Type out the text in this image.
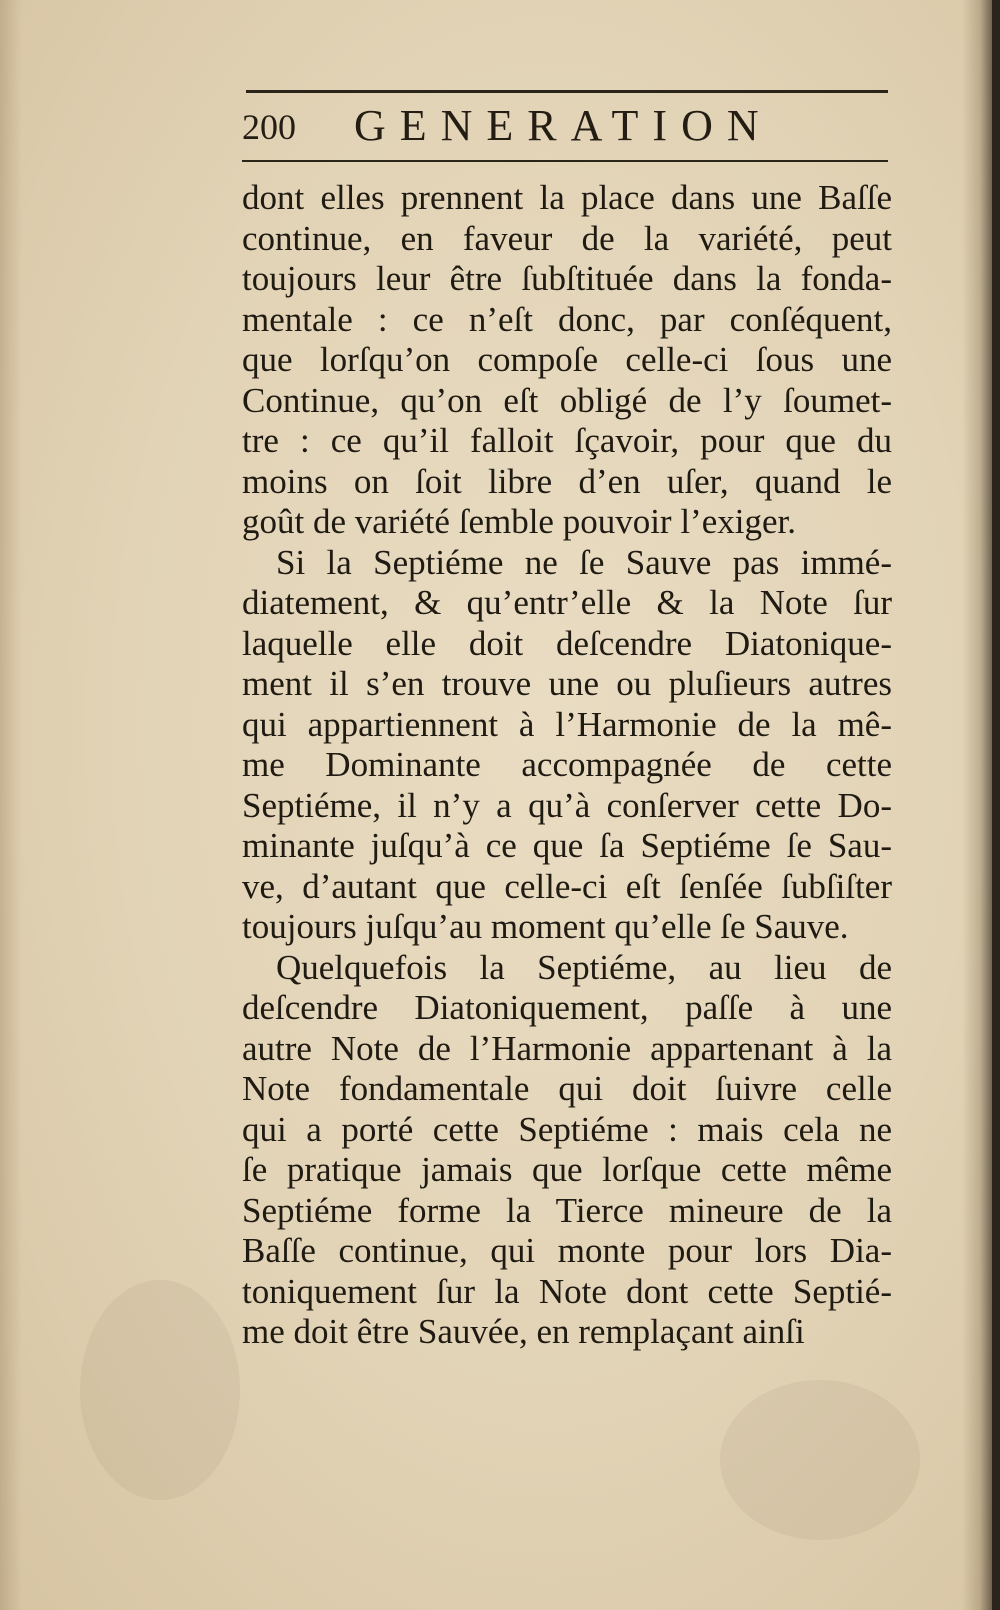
200 GENERATION
dont elles prennent la place dans une Baſſe
continue, en faveur de la variété, peut
toujours leur être ſubſtituée dans la fonda-
mentale : ce n’eſt donc, par conſéquent,
que lorſqu’on compoſe celle-ci ſous une
Continue, qu’on eſt obligé de l’y ſoumet-
tre : ce qu’il falloit ſçavoir, pour que du
moins on ſoit libre d’en uſer, quand le
goût de variété ſemble pouvoir l’exiger.
Si la Septiéme ne ſe Sauve pas immé-
diatement, & qu’entr’elle & la Note ſur
laquelle elle doit deſcendre Diatonique-
ment il s’en trouve une ou pluſieurs autres
qui appartiennent à l’Harmonie de la mê-
me Dominante accompagnée de cette
Septiéme, il n’y a qu’à conſerver cette Do-
minante juſqu’à ce que ſa Septiéme ſe Sau-
ve, d’autant que celle-ci eſt ſenſée ſubſiſter
toujours juſqu’au moment qu’elle ſe Sauve.
Quelquefois la Septiéme, au lieu de
deſcendre Diatoniquement, paſſe à une
autre Note de l’Harmonie appartenant à la
Note fondamentale qui doit ſuivre celle
qui a porté cette Septiéme : mais cela ne
ſe pratique jamais que lorſque cette même
Septiéme forme la Tierce mineure de la
Baſſe continue, qui monte pour lors Dia-
toniquement ſur la Note dont cette Septié-
me doit être Sauvée, en remplaçant ainſi
